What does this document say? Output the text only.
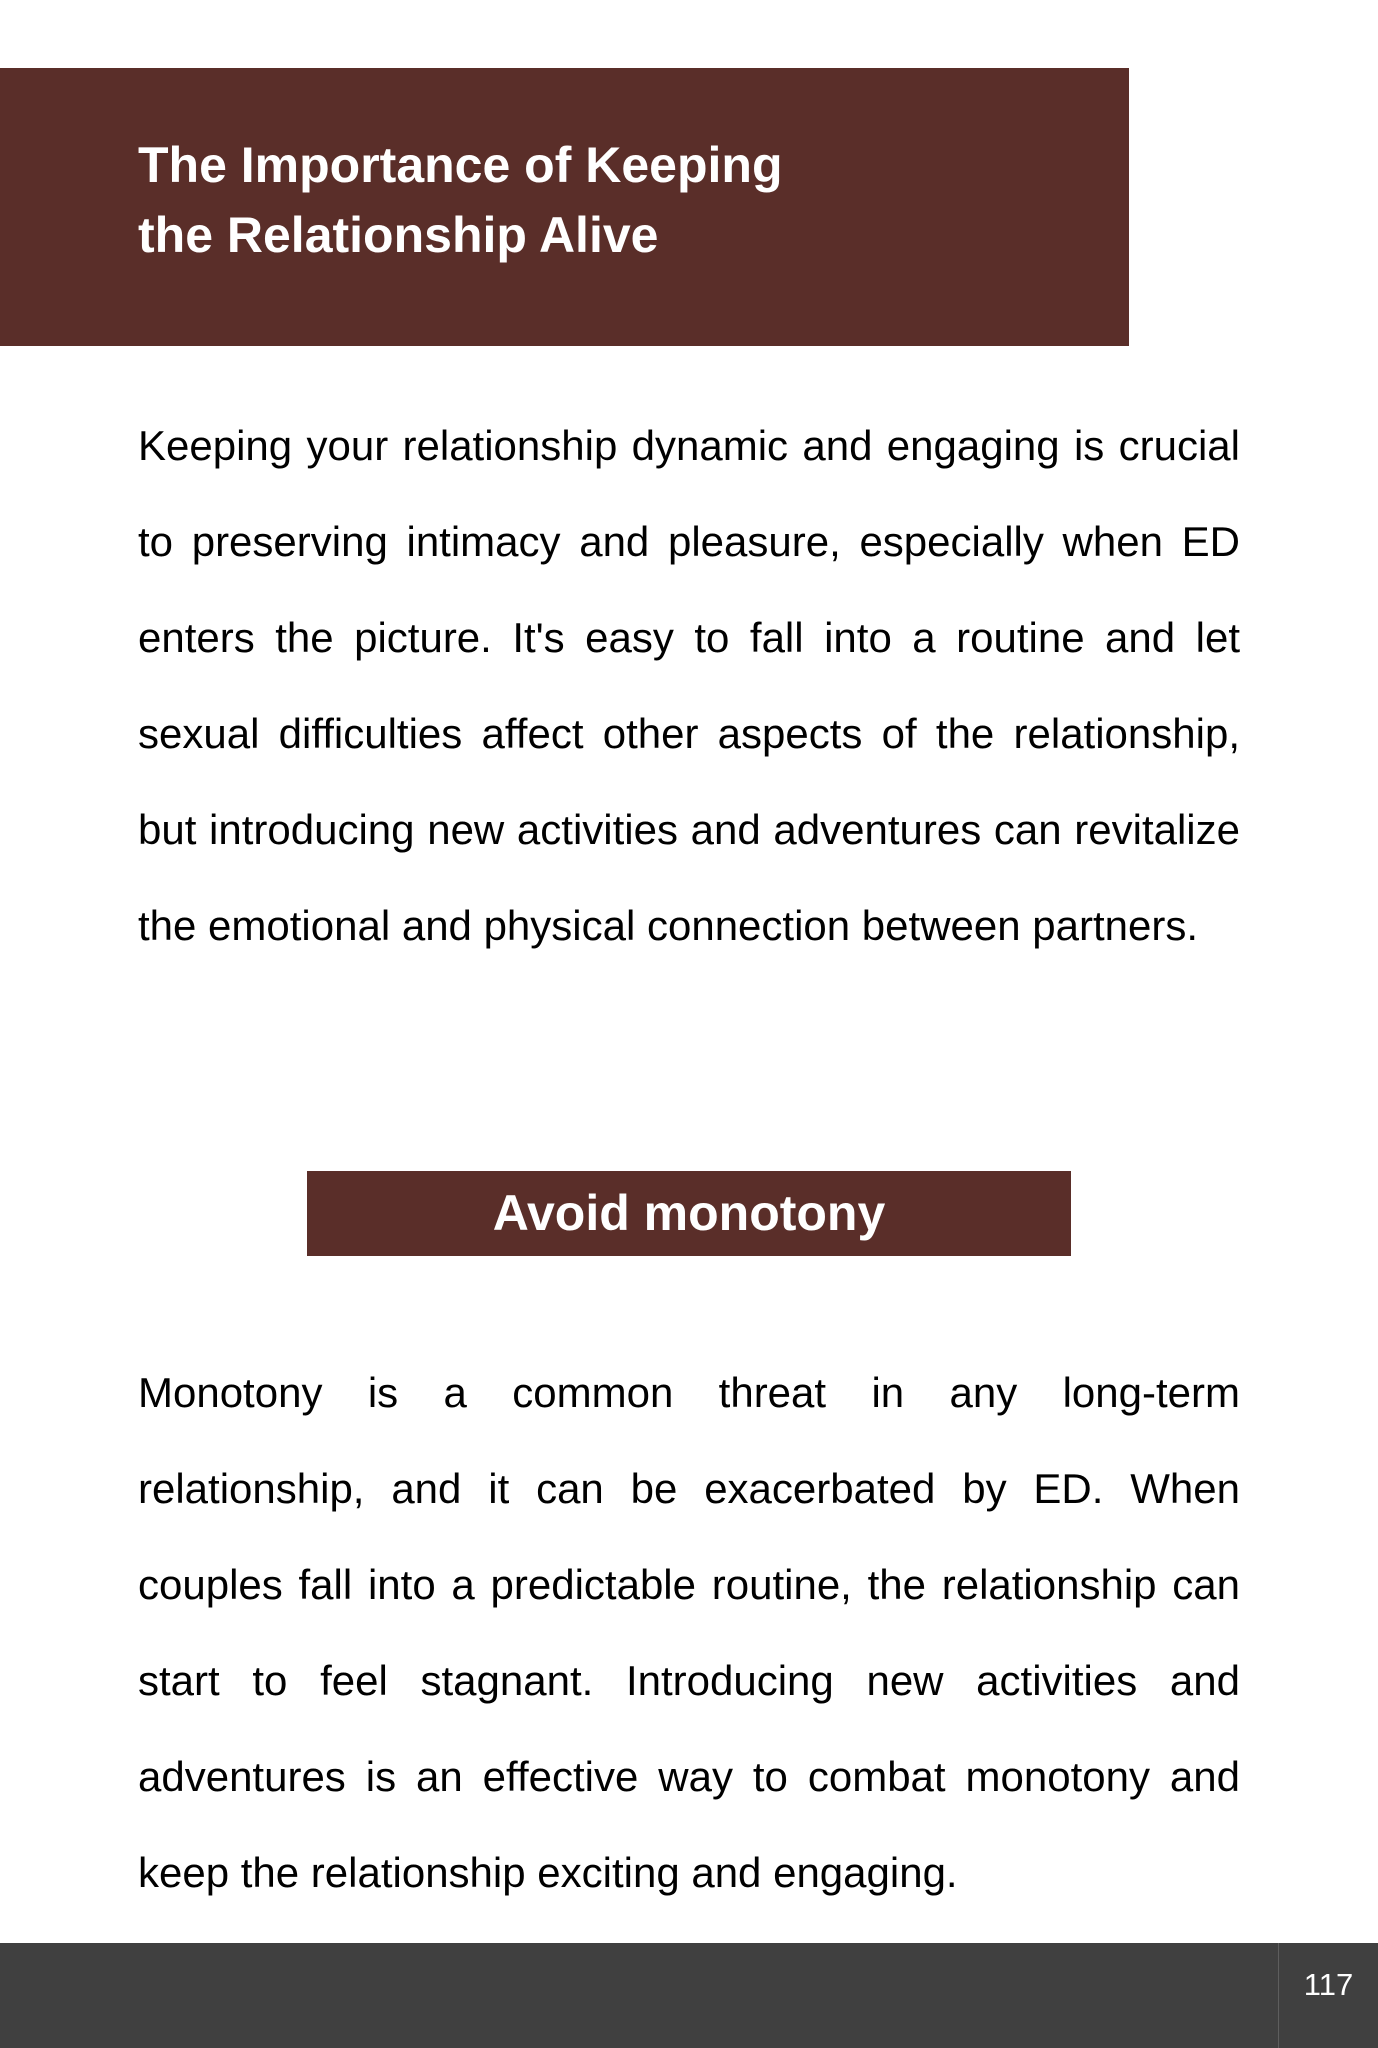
The Importance of Keeping
the Relationship Alive

Keeping your relationship dynamic and engaging is crucial to preserving intimacy and pleasure, especially when ED enters the picture. It's easy to fall into a routine and let sexual difficulties affect other aspects of the relationship, but introducing new activities and adventures can revitalize the emotional and physical connection between partners.

Avoid monotony

Monotony is a common threat in any long-term relationship, and it can be exacerbated by ED. When couples fall into a predictable routine, the relationship can start to feel stagnant. Introducing new activities and adventures is an effective way to combat monotony and keep the relationship exciting and engaging.

117
